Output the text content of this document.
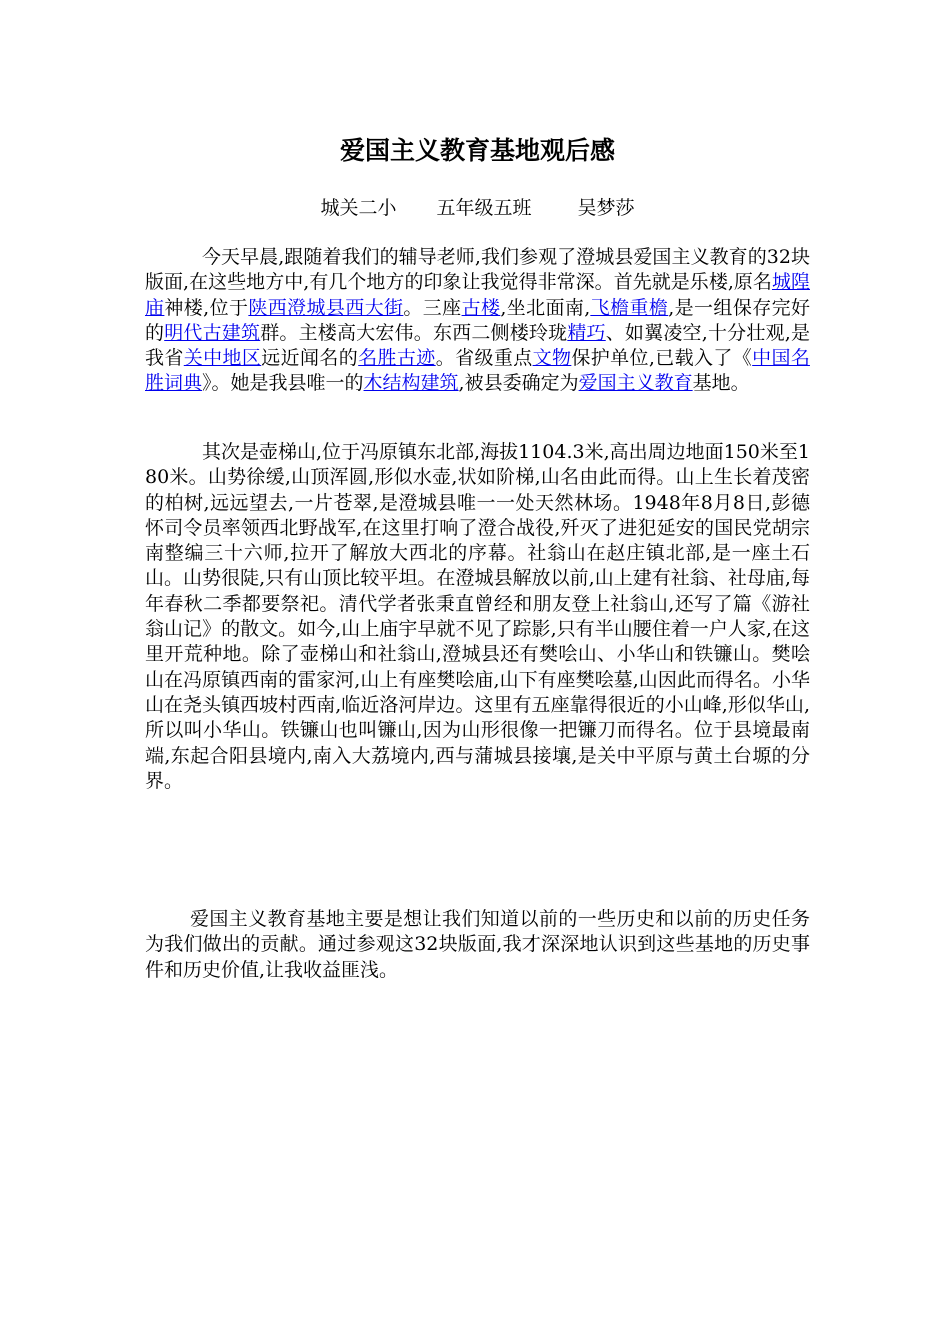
爱国主义教育基地观后感
城关二小 五年级五班 吴梦莎

今天早晨,跟随着我们的辅导老师,我们参观了澄城县爱国主义教育的32块版面,在这些地方中,有几个地方的印象让我觉得非常深。首先就是乐楼,原名城隍庙神楼,位于陕西澄城县西大街。三座古楼,坐北面南,飞檐重檐,是一组保存完好的明代古建筑群。主楼高大宏伟。东西二侧楼玲珑精巧、如翼凌空,十分壮观,是我省关中地区远近闻名的名胜古迹。省级重点文物保护单位,已载入了《中国名胜词典》。她是我县唯一的木结构建筑,被县委确定为爱国主义教育基地。

其次是壶梯山,位于冯原镇东北部,海拔1104.3米,高出周边地面150米至180米。山势徐缓,山顶浑圆,形似水壶,状如阶梯,山名由此而得。山上生长着茂密的柏树,远远望去,一片苍翠,是澄城县唯一一处天然林场。1948年8月8日,彭德怀司令员率领西北野战军,在这里打响了澄合战役,歼灭了进犯延安的国民党胡宗南整编三十六师,拉开了解放大西北的序幕。社翁山在赵庄镇北部,是一座土石山。山势很陡,只有山顶比较平坦。在澄城县解放以前,山上建有社翁、社母庙,每年春秋二季都要祭祀。清代学者张秉直曾经和朋友登上社翁山,还写了篇《游社翁山记》的散文。如今,山上庙宇早就不见了踪影,只有半山腰住着一户人家,在这里开荒种地。除了壶梯山和社翁山,澄城县还有樊哙山、小华山和铁镰山。樊哙山在冯原镇西南的雷家河,山上有座樊哙庙,山下有座樊哙墓,山因此而得名。小华山在尧头镇西坡村西南,临近洛河岸边。这里有五座靠得很近的小山峰,形似华山,所以叫小华山。铁镰山也叫镰山,因为山形很像一把镰刀而得名。位于县境最南端,东起合阳县境内,南入大荔境内,西与蒲城县接壤,是关中平原与黄土台塬的分界。

爱国主义教育基地主要是想让我们知道以前的一些历史和以前的历史任务为我们做出的贡献。通过参观这32块版面,我才深深地认识到这些基地的历史事件和历史价值,让我收益匪浅。
